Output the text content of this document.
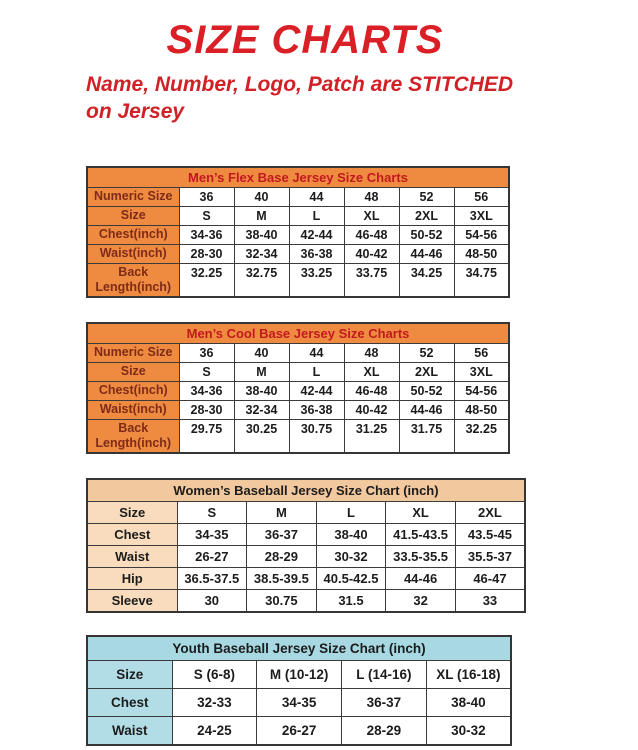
SIZE CHARTS

Name, Number, Logo, Patch are STITCHED
on Jersey

Men’s Flex Base Jersey Size Charts						
Numeric Size	36	40	44	48	52	56
Size	S	M	L	XL	2XL	3XL
Chest(inch)	34-36	38-40	42-44	46-48	50-52	54-56
Waist(inch)	28-30	32-34	36-38	40-42	44-46	48-50
Back Length(inch)	32.25	32.75	33.25	33.75	34.25	34.75
Men’s Cool Base Jersey Size Charts						
Numeric Size	36	40	44	48	52	56
Size	S	M	L	XL	2XL	3XL
Chest(inch)	34-36	38-40	42-44	46-48	50-52	54-56
Waist(inch)	28-30	32-34	36-38	40-42	44-46	48-50
Back Length(inch)	29.75	30.25	30.75	31.25	31.75	32.25
Women’s Baseball Jersey Size Chart (inch)					
Size	S	M	L	XL	2XL
Chest	34-35	36-37	38-40	41.5-43.5	43.5-45
Waist	26-27	28-29	30-32	33.5-35.5	35.5-37
Hip	36.5-37.5	38.5-39.5	40.5-42.5	44-46	46-47
Sleeve	30	30.75	31.5	32	33
Youth Baseball Jersey Size Chart (inch)				
Size	S (6-8)	M (10-12)	L (14-16)	XL (16-18)
Chest	32-33	34-35	36-37	38-40
Waist	24-25	26-27	28-29	30-32
